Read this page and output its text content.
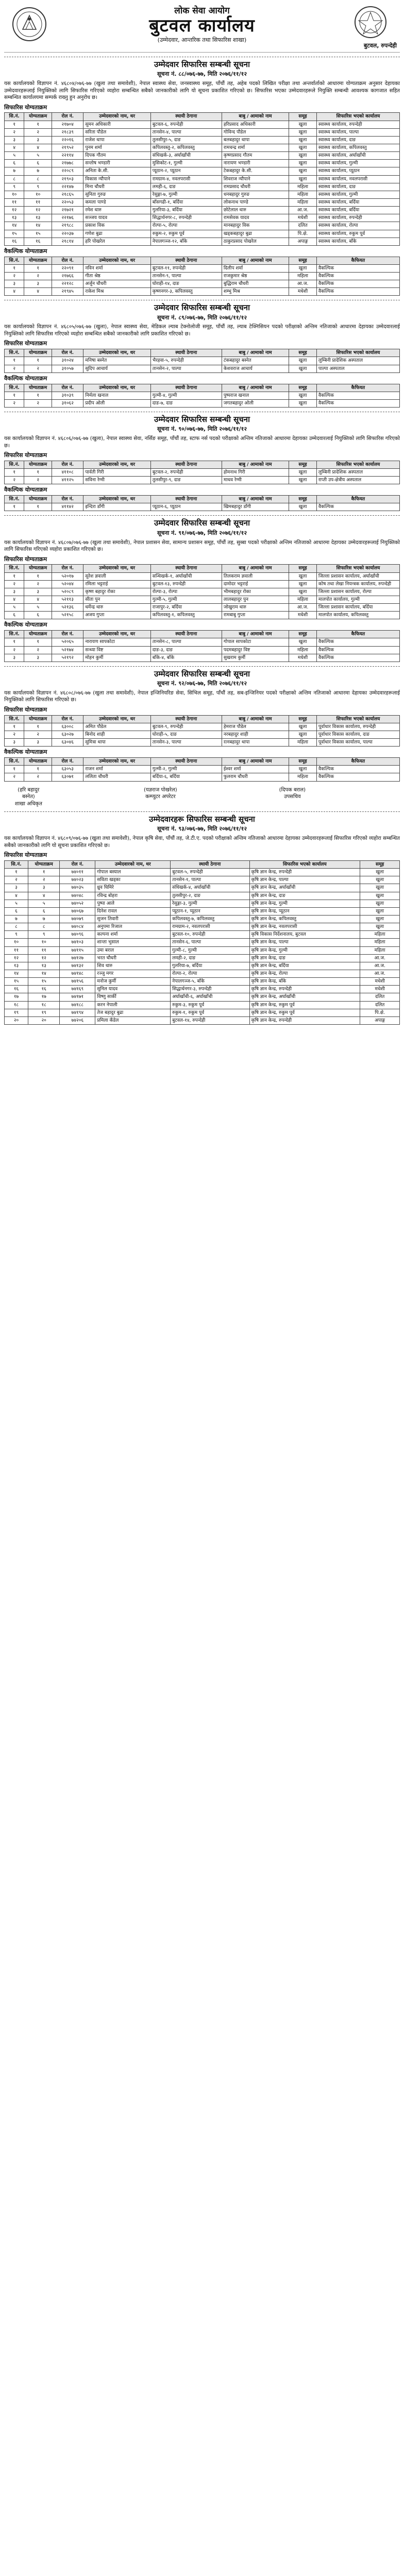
लोक सेवा आयोग
बुटवल कार्यालय
(उम्मेदवार, आन्तरिक तथा सिफारिस शाखा)
बुटवल, रुपन्देही
उम्मेदवार सिफारिस सम्बन्धी सूचना
सूचना नं. ८८/०७६-७७, मिति २०७६/११/१२
यस कार्यालयको विज्ञापन नं. ४६८०४/०७६-७७ (खुला तथा समावेशी), नेपाल स्वास्थ्य सेवा, जनस्वास्थ्य समूह, पाँचौं तह, अहेब पदको लिखित परीक्षा तथा अन्तर्वार्ताको आधारमा योग्यताक्रम अनुसार देहायका उम्मेदवारहरूलाई नियुक्तिको लागि सिफारिस गरिएको व्यहोरा सम्बन्धित सबैको जानकारीको लागि यो सूचना प्रकाशित गरिएको छ। सिफारिस भएका उम्मेदवारहरूले नियुक्ति सम्बन्धी आवश्यक कागजात सहित सम्बन्धित कार्यालयमा सम्पर्क राख्नु हुन अनुरोध छ।
सिफारिस योग्यताक्रम
सि.नं.	योग्यताक्रम	रोल नं.	उम्मेदवारको नाम, थर	स्थायी ठेगाना	बाबु / आमाको नाम	समूह	सिफारिस भएको कार्यालय
१	१	२१७०४	सुमन अधिकारी	बुटवल-६, रुपन्देही	हरिप्रसाद अधिकारी	खुला	स्वास्थ्य कार्यालय, रुपन्देही
२	२	२१८३९	सरिता पौडेल	तानसेन-४, पाल्पा	गोविन्द पौडेल	खुला	स्वास्थ्य कार्यालय, पाल्पा
३	३	२२०१६	राजेश थापा	तुलसीपुर-५, दाङ	बलबहादुर थापा	खुला	स्वास्थ्य कार्यालय, दाङ
४	४	२१९५२	पुनम शर्मा	कपिलवस्तु-२, कपिलवस्तु	रामचन्द्र शर्मा	खुला	स्वास्थ्य कार्यालय, कपिलवस्तु
५	५	२२११४	दिपक गौतम	संधिखर्क-३, अर्घाखाँची	कृष्णप्रसाद गौतम	खुला	स्वास्थ्य कार्यालय, अर्घाखाँची
६	६	२१७७८	सन्तोष भण्डारी	मुसिकोट-१, गुल्मी	नारायण भण्डारी	खुला	स्वास्थ्य कार्यालय, गुल्मी
७	७	२२०८९	अनिता के.सी.	प्यूठान-२, प्यूठान	टेकबहादुर के.सी.	खुला	स्वास्थ्य कार्यालय, प्यूठान
८	८	२१९०३	विकास न्यौपाने	रामग्राम-४, नवलपरासी	शिवराज न्यौपाने	खुला	स्वास्थ्य कार्यालय, नवलपरासी
९	९	२२१४७	मिना चौधरी	लमही-६, दाङ	रामप्रसाद चौधरी	महिला	स्वास्थ्य कार्यालय, दाङ
१०	१०	२१८६५	सुनिता गुरुङ	रेसुङ्गा-७, गुल्मी	धनबहादुर गुरुङ	महिला	स्वास्थ्य कार्यालय, गुल्मी
११	११	२२०५३	कमला पाण्डे	बाँसगढी-१, बर्दिया	लोकनाथ पाण्डे	महिला	स्वास्थ्य कार्यालय, बर्दिया
१२	१२	२१७२१	रमेश थारु	गुलरिया-३, बर्दिया	छोटेलाल थारु	आ.ज.	स्वास्थ्य कार्यालय, बर्दिया
१३	१३	२२१७६	सञ्जय यादव	सिद्धार्थनगर-८, रुपन्देही	रामसेवक यादव	मधेशी	स्वास्थ्य कार्यालय, रुपन्देही
१४	१४	२१९८८	प्रकाश विक	रोल्पा-५, रोल्पा	मानबहादुर विक	दलित	स्वास्थ्य कार्यालय, रोल्पा
१५	१५	२२०३७	गणेश बुढा	रुकुम-२, रुकुम पूर्व	खड्कबहादुर बुढा	पि.क्षे.	स्वास्थ्य कार्यालय, रुकुम पूर्व
१६	१६	२१८१४	हरि पोखरेल	नेपालगञ्ज-१२, बाँके	ठाकुरप्रसाद पोखरेल	अपाङ्ग	स्वास्थ्य कार्यालय, बाँके
वैकल्पिक योग्यताक्रम
सि.नं.	योग्यताक्रम	रोल नं.	उम्मेदवारको नाम, थर	स्थायी ठेगाना	बाबु / आमाको नाम	समूह	कैफियत
१	१	२२०९१	नविन शर्मा	बुटवल-११, रुपन्देही	दिलीप शर्मा	खुला	वैकल्पिक
२	२	२१७६६	गीता श्रेष्ठ	तानसेन-९, पाल्पा	राजकुमार श्रेष्ठ	महिला	वैकल्पिक
३	३	२२१२८	अर्जुन चौधरी	घोराही-१४, दाङ	बुद्धिराम चौधरी	आ.ज.	वैकल्पिक
४	४	२१९४५	राकेश मिश्र	कृष्णनगर-३, कपिलवस्तु	शम्भु मिश्र	मधेशी	वैकल्पिक
उम्मेदवार सिफारिस सम्बन्धी सूचना
सूचना नं. ८९/०७६-७७, मिति २०७६/११/१२
यस कार्यालयको विज्ञापन नं. ४६८०५/०७६-७७ (खुला), नेपाल स्वास्थ्य सेवा, मेडिकल ल्याब टेक्नोलोजी समूह, पाँचौं तह, ल्याब टेक्निसियन पदको परीक्षाको अन्तिम नतिजाको आधारमा देहायका उम्मेदवारलाई नियुक्तिको लागि सिफारिस गरिएको व्यहोरा सम्बन्धित सबैको जानकारीको लागि प्रकाशित गरिएको छ।
सिफारिस योग्यताक्रम
सि.नं.	योग्यताक्रम	रोल नं.	उम्मेदवारको नाम, थर	स्थायी ठेगाना	बाबु / आमाको नाम	समूह	सिफारिस भएको कार्यालय
१	१	३१०२४	मनिषा बस्नेत	भैरहवा-५, रुपन्देही	टंकबहादुर बस्नेत	खुला	लुम्बिनी प्रादेशिक अस्पताल
२	२	३१०५७	सुदिप आचार्य	तानसेन-२, पाल्पा	केशवराज आचार्य	खुला	पाल्पा अस्पताल
वैकल्पिक योग्यताक्रम
सि.नं.	योग्यताक्रम	रोल नं.	उम्मेदवारको नाम, थर	स्थायी ठेगाना	बाबु / आमाको नाम	समूह	कैफियत
१	१	३१०३९	निर्मला खनाल	गुल्मी-४, गुल्मी	पुष्पराज खनाल	खुला	वैकल्पिक
२	२	३१०६२	प्रदीप ओली	दाङ-७, दाङ	जगतबहादुर ओली	खुला	वैकल्पिक
उम्मेदवार सिफारिस सम्बन्धी सूचना
सूचना नं. ९०/०७६-७७, मिति २०७६/११/१२
यस कार्यालयको विज्ञापन नं. ४६८०६/०७६-७७ (खुला), नेपाल स्वास्थ्य सेवा, नर्सिङ समूह, पाँचौं तह, स्टाफ नर्स पदको परीक्षाको अन्तिम नतिजाको आधारमा देहायका उम्मेदवारलाई नियुक्तिको लागि सिफारिस गरिएको छ।
सिफारिस योग्यताक्रम
सि.नं.	योग्यताक्रम	रोल नं.	उम्मेदवारको नाम, थर	स्थायी ठेगाना	बाबु / आमाको नाम	समूह	सिफारिस भएको कार्यालय
१	१	४११०८	पार्वती गिरी	बुटवल-२, रुपन्देही	होमनाथ गिरी	खुला	लुम्बिनी प्रादेशिक अस्पताल
२	२	४११२५	सविना रेग्मी	तुलसीपुर-९, दाङ	माधव रेग्मी	खुला	राप्ती उप-क्षेत्रीय अस्पताल
वैकल्पिक योग्यताक्रम
सि.नं.	योग्यताक्रम	रोल नं.	उम्मेदवारको नाम, थर	स्थायी ठेगाना	बाबु / आमाको नाम	समूह	कैफियत
१	१	४११४२	इन्दिरा डाँगी	प्यूठान-६, प्यूठान	खिमबहादुर डाँगी	खुला	वैकल्पिक
उम्मेदवार सिफारिस सम्बन्धी सूचना
सूचना नं. ९१/०७६-७७, मिति २०७६/११/१२
यस कार्यालयको विज्ञापन नं. ४६८०७/०७६-७७ (खुला तथा समावेशी), नेपाल प्रशासन सेवा, सामान्य प्रशासन समूह, पाँचौं तह, सुब्बा पदको परीक्षाको अन्तिम नतिजाको आधारमा देहायका उम्मेदवारहरूलाई नियुक्तिको लागि सिफारिस गरिएको व्यहोरा प्रकाशित गरिएको छ।
सिफारिस योग्यताक्रम
सि.नं.	योग्यताक्रम	रोल नं.	उम्मेदवारको नाम, थर	स्थायी ठेगाना	बाबु / आमाको नाम	समूह	सिफारिस भएको कार्यालय
१	१	५२०१७	सुरेश ज्ञवाली	सन्धिखर्क-१, अर्घाखाँची	तिलकराम ज्ञवाली	खुला	जिल्ला प्रशासन कार्यालय, अर्घाखाँची
२	२	५२०४४	रमिला भट्टराई	बुटवल-१३, रुपन्देही	दामोदर भट्टराई	खुला	कोष तथा लेखा नियन्त्रक कार्यालय, रुपन्देही
३	३	५२०८९	कृष्ण बहादुर रोका	रोल्पा-३, रोल्पा	भीमबहादुर रोका	खुला	जिल्ला प्रशासन कार्यालय, रोल्पा
४	४	५२११३	सीता पुन	गुल्मी-५, गुल्मी	लालबहादुर पुन	महिला	मालपोत कार्यालय, गुल्मी
५	५	५२१३६	धर्मेन्द्र थारु	राजापुर-२, बर्दिया	जोखुराम थारु	आ.ज.	जिल्ला प्रशासन कार्यालय, बर्दिया
६	६	५२१५८	अजय गुप्ता	कपिलवस्तु-१, कपिलवस्तु	रामबाबु गुप्ता	मधेशी	मालपोत कार्यालय, कपिलवस्तु
वैकल्पिक योग्यताक्रम
सि.नं.	योग्यताक्रम	रोल नं.	उम्मेदवारको नाम, थर	स्थायी ठेगाना	बाबु / आमाको नाम	समूह	कैफियत
१	१	५२०६५	नारायण सापकोटा	तानसेन-८, पाल्पा	गोपाल सापकोटा	खुला	वैकल्पिक
२	२	५२१७४	सन्ध्या विष्ट	दाङ-३, दाङ	पदमबहादुर विष्ट	महिला	वैकल्पिक
३	३	५२१९२	मोहन कुर्मी	बाँके-४, बाँके	सुखराम कुर्मी	मधेशी	वैकल्पिक
उम्मेदवार सिफारिस सम्बन्धी सूचना
सूचना नं. ९२/०७६-७७, मिति २०७६/११/१२
यस कार्यालयको विज्ञापन नं. ४६८०८/०७६-७७ (खुला तथा समावेशी), नेपाल इन्जिनियरिङ सेवा, सिभिल समूह, पाँचौं तह, सब-इन्जिनियर पदको परीक्षाको अन्तिम नतिजाको आधारमा देहायका उम्मेदवारहरूलाई नियुक्तिको लागि सिफारिस गरिएको छ।
सिफारिस योग्यताक्रम
सि.नं.	योग्यताक्रम	रोल नं.	उम्मेदवारको नाम, थर	स्थायी ठेगाना	बाबु / आमाको नाम	समूह	सिफारिस भएको कार्यालय
१	१	६३००८	अमित पौडेल	बुटवल-९, रुपन्देही	हेमराज पौडेल	खुला	पूर्वाधार विकास कार्यालय, रुपन्देही
२	२	६३०२७	बिनोद शाही	घोराही-५, दाङ	नरबहादुर शाही	खुला	पूर्वाधार विकास कार्यालय, दाङ
३	३	६३०४६	सुमित्रा थापा	तानसेन-३, पाल्पा	रत्नबहादुर थापा	महिला	पूर्वाधार विकास कार्यालय, पाल्पा
वैकल्पिक योग्यताक्रम
सि.नं.	योग्यताक्रम	रोल नं.	उम्मेदवारको नाम, थर	स्थायी ठेगाना	बाबु / आमाको नाम	समूह	कैफियत
१	१	६३०५३	राजन शर्मा	गुल्मी-२, गुल्मी	ईश्वर शर्मा	खुला	वैकल्पिक
२	२	६३०७१	ललिता चौधरी	बर्दिया-६, बर्दिया	फुलराम चौधरी	महिला	वैकल्पिक
(हरि बहादुर बस्नेत)
शाखा अधिकृत
(यज्ञराज पोखरेल)
कम्प्युटर अपरेटर
(दिपक बराल)
उपसचिव
उम्मेदवारहरू सिफारिस सम्बन्धी सूचना
सूचना नं. ९३/०७६-७७, मिति २०७६/११/१२
यस कार्यालयको विज्ञापन नं. ४६८०९/०७६-७७ (खुला तथा समावेशी), नेपाल कृषि सेवा, पाँचौं तह, जे.टी.ए. पदको परीक्षाको अन्तिम नतिजाको आधारमा देहायका उम्मेदवारहरूलाई सिफारिस गरिएको व्यहोरा सम्बन्धित सबैको जानकारीको लागि यो सूचना प्रकाशित गरिएको छ।
सिफारिस योग्यताक्रम
सि.नं.	योग्यताक्रम	रोल नं.	उम्मेदवारको नाम, थर	स्थायी ठेगाना	सिफारिस भएको कार्यालय	समूह
१	१	७४०११	गोपाल बस्याल	बुटवल-५, रुपन्देही	कृषि ज्ञान केन्द्र, रुपन्देही	खुला
२	२	७४०२३	सविता खड्का	तानसेन-१, पाल्पा	कृषि ज्ञान केन्द्र, पाल्पा	खुला
३	३	७४०३५	ध्रुव घिमिरे	संधिखर्क-४, अर्घाखाँची	कृषि ज्ञान केन्द्र, अर्घाखाँची	खुला
४	४	७४०४८	रविन्द्र बोहरा	तुलसीपुर-२, दाङ	कृषि ज्ञान केन्द्र, दाङ	खुला
५	५	७४०५२	पुष्पा आले	रेसुङ्गा-३, गुल्मी	कृषि ज्ञान केन्द्र, गुल्मी	खुला
६	६	७४०६७	दिनेश रावल	प्यूठान-१, प्यूठान	कृषि ज्ञान केन्द्र, प्यूठान	खुला
७	७	७४०७९	सुजन तिवारी	कपिलवस्तु-७, कपिलवस्तु	कृषि ज्ञान केन्द्र, कपिलवस्तु	खुला
८	८	७४०८४	अनुपमा रिजाल	रामग्राम-२, नवलपरासी	कृषि ज्ञान केन्द्र, नवलपरासी	खुला
९	९	७४०९६	कल्पना शर्मा	बुटवल-१०, रुपन्देही	कृषि विकास निर्देशनालय, बुटवल	महिला
१०	१०	७४१०३	शान्ता भुसाल	तानसेन-६, पाल्पा	कृषि ज्ञान केन्द्र, पाल्पा	महिला
११	११	७४११५	उमा बराल	गुल्मी-८, गुल्मी	कृषि ज्ञान केन्द्र, गुल्मी	महिला
१२	१२	७४१२७	भरत चौधरी	लमही-२, दाङ	कृषि ज्ञान केन्द्र, दाङ	आ.ज.
१३	१३	७४१३२	शिव थारु	गुलरिया-७, बर्दिया	कृषि ज्ञान केन्द्र, बर्दिया	आ.ज.
१४	१४	७४१४८	रञ्जु मगर	रोल्पा-२, रोल्पा	कृषि ज्ञान केन्द्र, रोल्पा	आ.ज.
१५	१५	७४१५६	मनोज कुर्मी	नेपालगञ्ज-५, बाँके	कृषि ज्ञान केन्द्र, बाँके	मधेशी
१६	१६	७४१६९	सुनिल यादव	सिद्धार्थनगर-३, रुपन्देही	कृषि ज्ञान केन्द्र, रुपन्देही	मधेशी
१७	१७	७४१७१	विष्णु सार्की	अर्घाखाँची-६, अर्घाखाँची	कृषि ज्ञान केन्द्र, अर्घाखाँची	दलित
१८	१८	७४१८८	करन नेपाली	रुकुम-३, रुकुम पूर्व	कृषि ज्ञान केन्द्र, रुकुम पूर्व	दलित
१९	१९	७४१९४	तेज बहादुर बुढा	रुकुम-१, रुकुम पूर्व	कृषि ज्ञान केन्द्र, रुकुम पूर्व	पि.क्षे.
२०	२०	७४२०६	प्रमिला कँडेल	बुटवल-१४, रुपन्देही	कृषि ज्ञान केन्द्र, रुपन्देही	अपाङ्ग
